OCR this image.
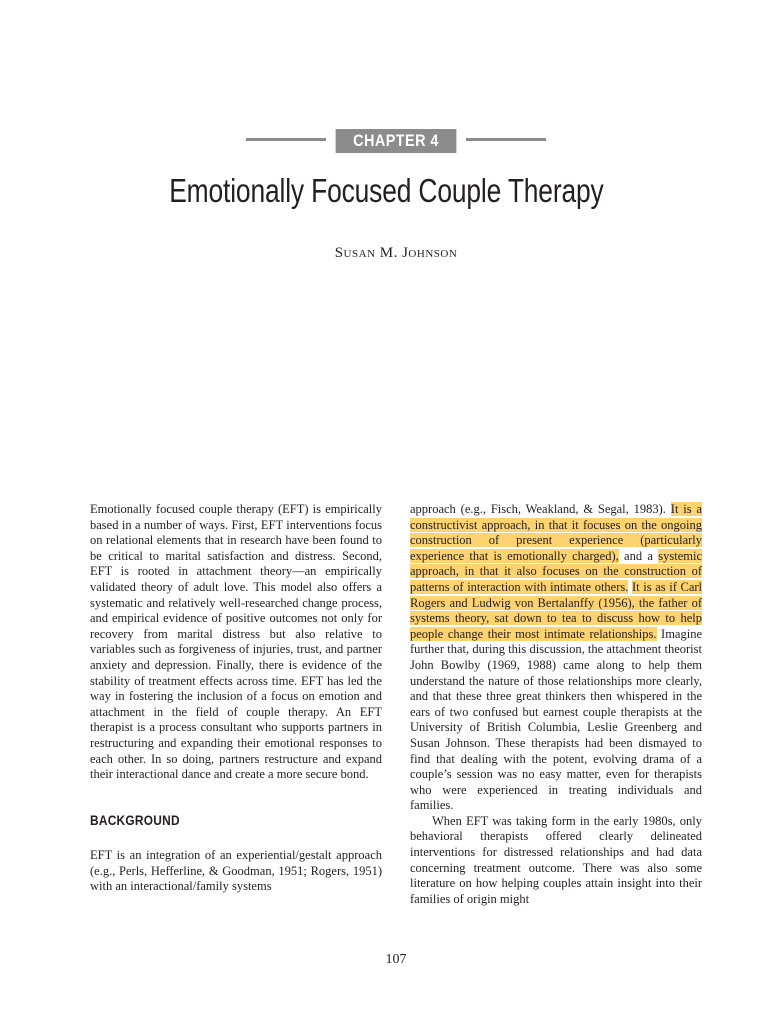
CHAPTER 4
Emotionally Focused Couple Therapy
Susan M. Johnson

Emotionally focused couple therapy (EFT) is empirically based in a number of ways. First, EFT interventions focus on relational elements that in research have been found to be critical to marital satisfaction and distress. Second, EFT is rooted in attachment theory—an empirically validated theory of adult love. This model also offers a systematic and relatively well-researched change process, and empirical evidence of positive outcomes not only for recovery from marital distress but also relative to variables such as forgiveness of injuries, trust, and partner anxiety and depression. Finally, there is evidence of the stability of treatment effects across time. EFT has led the way in fostering the inclusion of a focus on emotion and attachment in the field of couple therapy. An EFT therapist is a process consultant who supports partners in restructuring and expanding their emotional responses to each other. In so doing, partners restructure and expand their interactional dance and create a more secure bond.

BACKGROUND

EFT is an integration of an experiential/gestalt approach (e.g., Perls, Hefferline, & Goodman, 1951; Rogers, 1951) with an interactional/family systems

approach (e.g., Fisch, Weakland, & Segal, 1983). It is a constructivist approach, in that it focuses on the ongoing construction of present experience (particularly experience that is emotionally charged), and a systemic approach, in that it also focuses on the construction of patterns of interaction with intimate others. It is as if Carl Rogers and Ludwig von Bertalanffy (1956), the father of systems theory, sat down to tea to discuss how to help people change their most intimate relationships. Imagine further that, during this discussion, the attachment theorist John Bowlby (1969, 1988) came along to help them understand the nature of those relationships more clearly, and that these three great thinkers then whispered in the ears of two confused but earnest couple therapists at the University of British Columbia, Leslie Greenberg and Susan Johnson. These therapists had been dismayed to find that dealing with the potent, evolving drama of a couple’s session was no easy matter, even for therapists who were experienced in treating individuals and families.

When EFT was taking form in the early 1980s, only behavioral therapists offered clearly delineated interventions for distressed relationships and had data concerning treatment outcome. There was also some literature on how helping couples attain insight into their families of origin might

107
